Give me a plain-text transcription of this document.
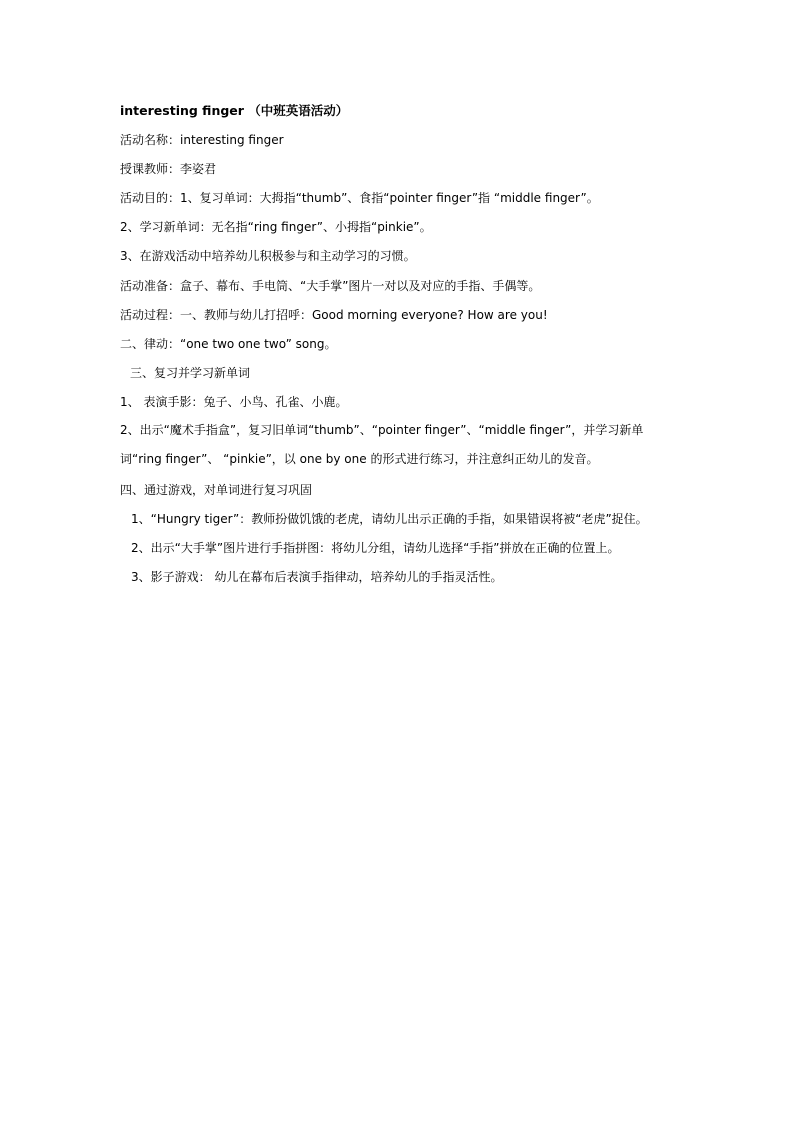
interesting finger （中班英语活动）
活动名称：interesting finger
授课教师：李姿君
活动目的：1、复习单词：大拇指“thumb”、食指“pointer finger”指 “middle finger”。
2、学习新单词：无名指“ring finger”、小拇指“pinkie”。
3、在游戏活动中培养幼儿积极参与和主动学习的习惯。
活动准备：盒子、幕布、手电筒、“大手掌”图片一对以及对应的手指、手偶等。
活动过程：一、教师与幼儿打招呼：Good morning everyone? How are you!
二、律动：“one two one two” song。
三、复习并学习新单词
1、 表演手影：兔子、小鸟、孔雀、小鹿。
2、出示“魔术手指盒”，复习旧单词“thumb”、“pointer finger”、“middle finger”，并学习新单词“ring finger”、 “pinkie”，以 one by one 的形式进行练习，并注意纠正幼儿的发音。
四、通过游戏，对单词进行复习巩固
1、“Hungry tiger”：教师扮做饥饿的老虎，请幼儿出示正确的手指，如果错误将被“老虎”捉住。
2、出示“大手掌”图片进行手指拼图：将幼儿分组，请幼儿选择“手指”拼放在正确的位置上。
3、影子游戏： 幼儿在幕布后表演手指律动，培养幼儿的手指灵活性。
